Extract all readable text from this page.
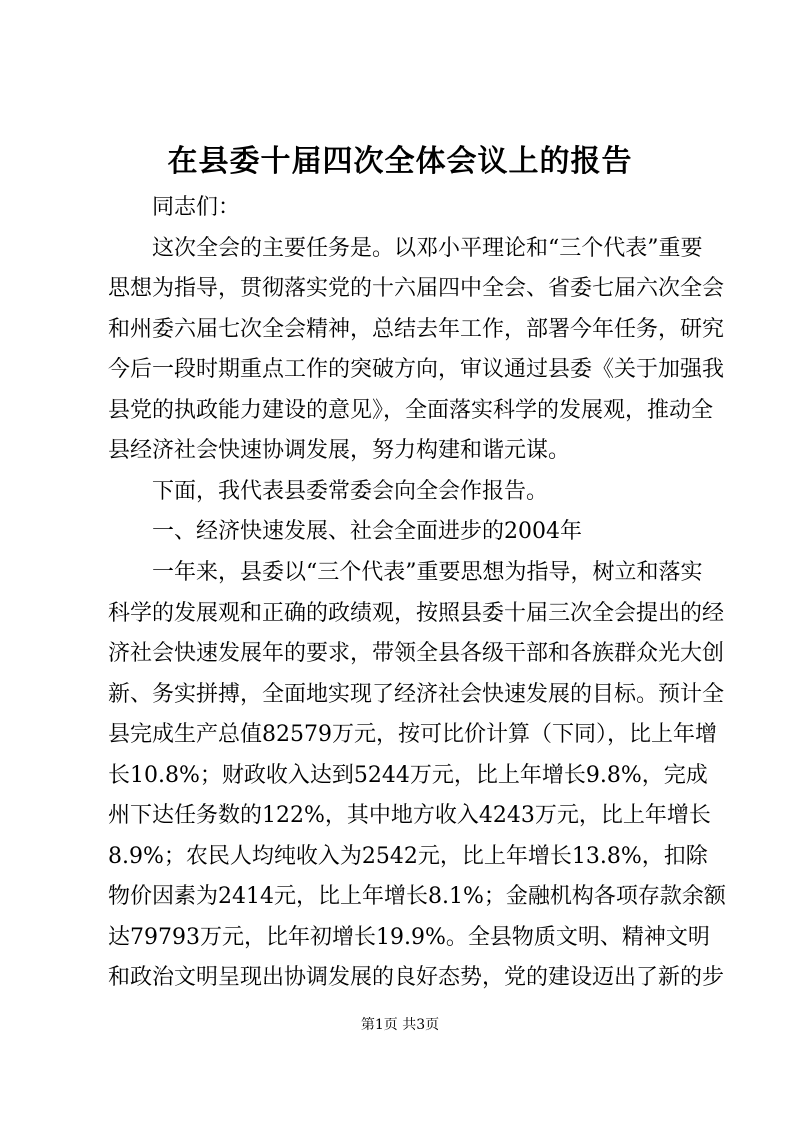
在县委十届四次全体会议上的报告
同志们：
这次全会的主要任务是。以邓小平理论和“三个代表”重要
思想为指导，贯彻落实党的十六届四中全会、省委七届六次全会
和州委六届七次全会精神，总结去年工作，部署今年任务，研究
今后一段时期重点工作的突破方向，审议通过县委《关于加强我
县党的执政能力建设的意见》，全面落实科学的发展观，推动全
县经济社会快速协调发展，努力构建和谐元谋。
下面，我代表县委常委会向全会作报告。
一、经济快速发展、社会全面进步的2004年
一年来，县委以“三个代表”重要思想为指导，树立和落实
科学的发展观和正确的政绩观，按照县委十届三次全会提出的经
济社会快速发展年的要求，带领全县各级干部和各族群众光大创
新、务实拼搏，全面地实现了经济社会快速发展的目标。预计全
县完成生产总值82579万元，按可比价计算（下同），比上年增
长10.8%；财政收入达到5244万元，比上年增长9.8%，完成
州下达任务数的122%，其中地方收入4243万元，比上年增长
8.9%；农民人均纯收入为2542元，比上年增长13.8%，扣除
物价因素为2414元，比上年增长8.1%；金融机构各项存款余额
达79793万元，比年初增长19.9%。全县物质文明、精神文明
和政治文明呈现出协调发展的良好态势，党的建设迈出了新的步
第1页 共3页
